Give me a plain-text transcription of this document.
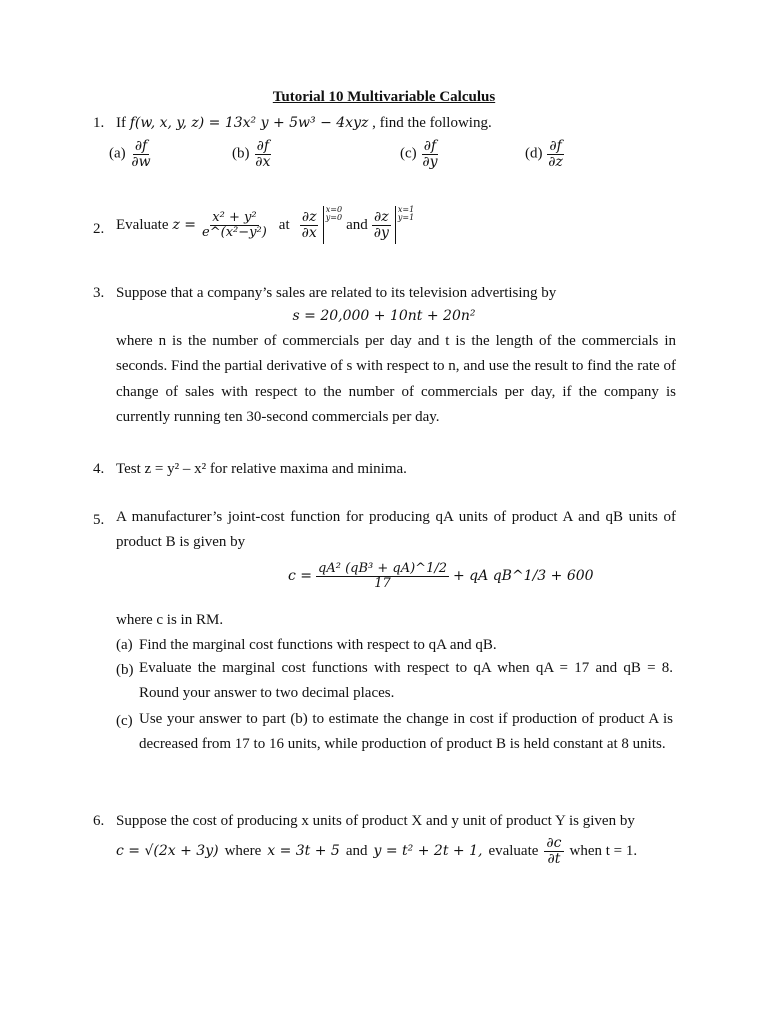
Tutorial 10 Multivariable Calculus
1. If f(w, x, y, z) = 13x² y + 5w³ − 4xyz , find the following.
$(a) \frac{\partial f}{\partial w}$	$(b) \frac{\partial f}{\partial x}$	$(c) \frac{\partial f}{\partial y}$	$(d) \frac{\partial f}{\partial z}$
2. Evaluate $z = \frac{\text{x² + y²}}{\text{e\textasciicircum{}(x²−y²)}}$ at $\frac{\partial z}{\partial x}$
x=0
y=0 and $\frac{\partial z}{\partial y}$
x=1
y=1
3. Suppose that a company’s sales are related to its television advertising by
s = 20,000 + 10nt + 20n²
where n is the number of commercials per day and t is the length of the commercials in seconds. Find the partial derivative of s with respect to n, and use the result to find the rate of change of sales with respect to the number of commercials per day, if the company is currently running ten 30-second commercials per day.
4. Test z = y² – x² for relative maxima and minima.
5. A manufacturer’s joint-cost function for producing qA units of product A and qB units of product B is given by
$c = \frac{\text{qA² (qB³ + qA)\textasciicircum{}1/2}}{17}$ + qA qB^1/3 + 600
where c is in RM.
(a) Find the marginal cost functions with respect to qA and qB.
(b) Evaluate the marginal cost functions with respect to qA when qA = 17 and qB = 8. Round your answer to two decimal places.
(c) Use your answer to part (b) to estimate the change in cost if production of product A is decreased from 17 to 16 units, while production of product B is held constant at 8 units.
6. Suppose the cost of producing x units of product X and y unit of product Y is given by
c = √(2x + 3y) where x = 3t + 5 and y = t² + 2t + 1, evaluate $\frac{\partial c}{\partial t}$ when t = 1.
